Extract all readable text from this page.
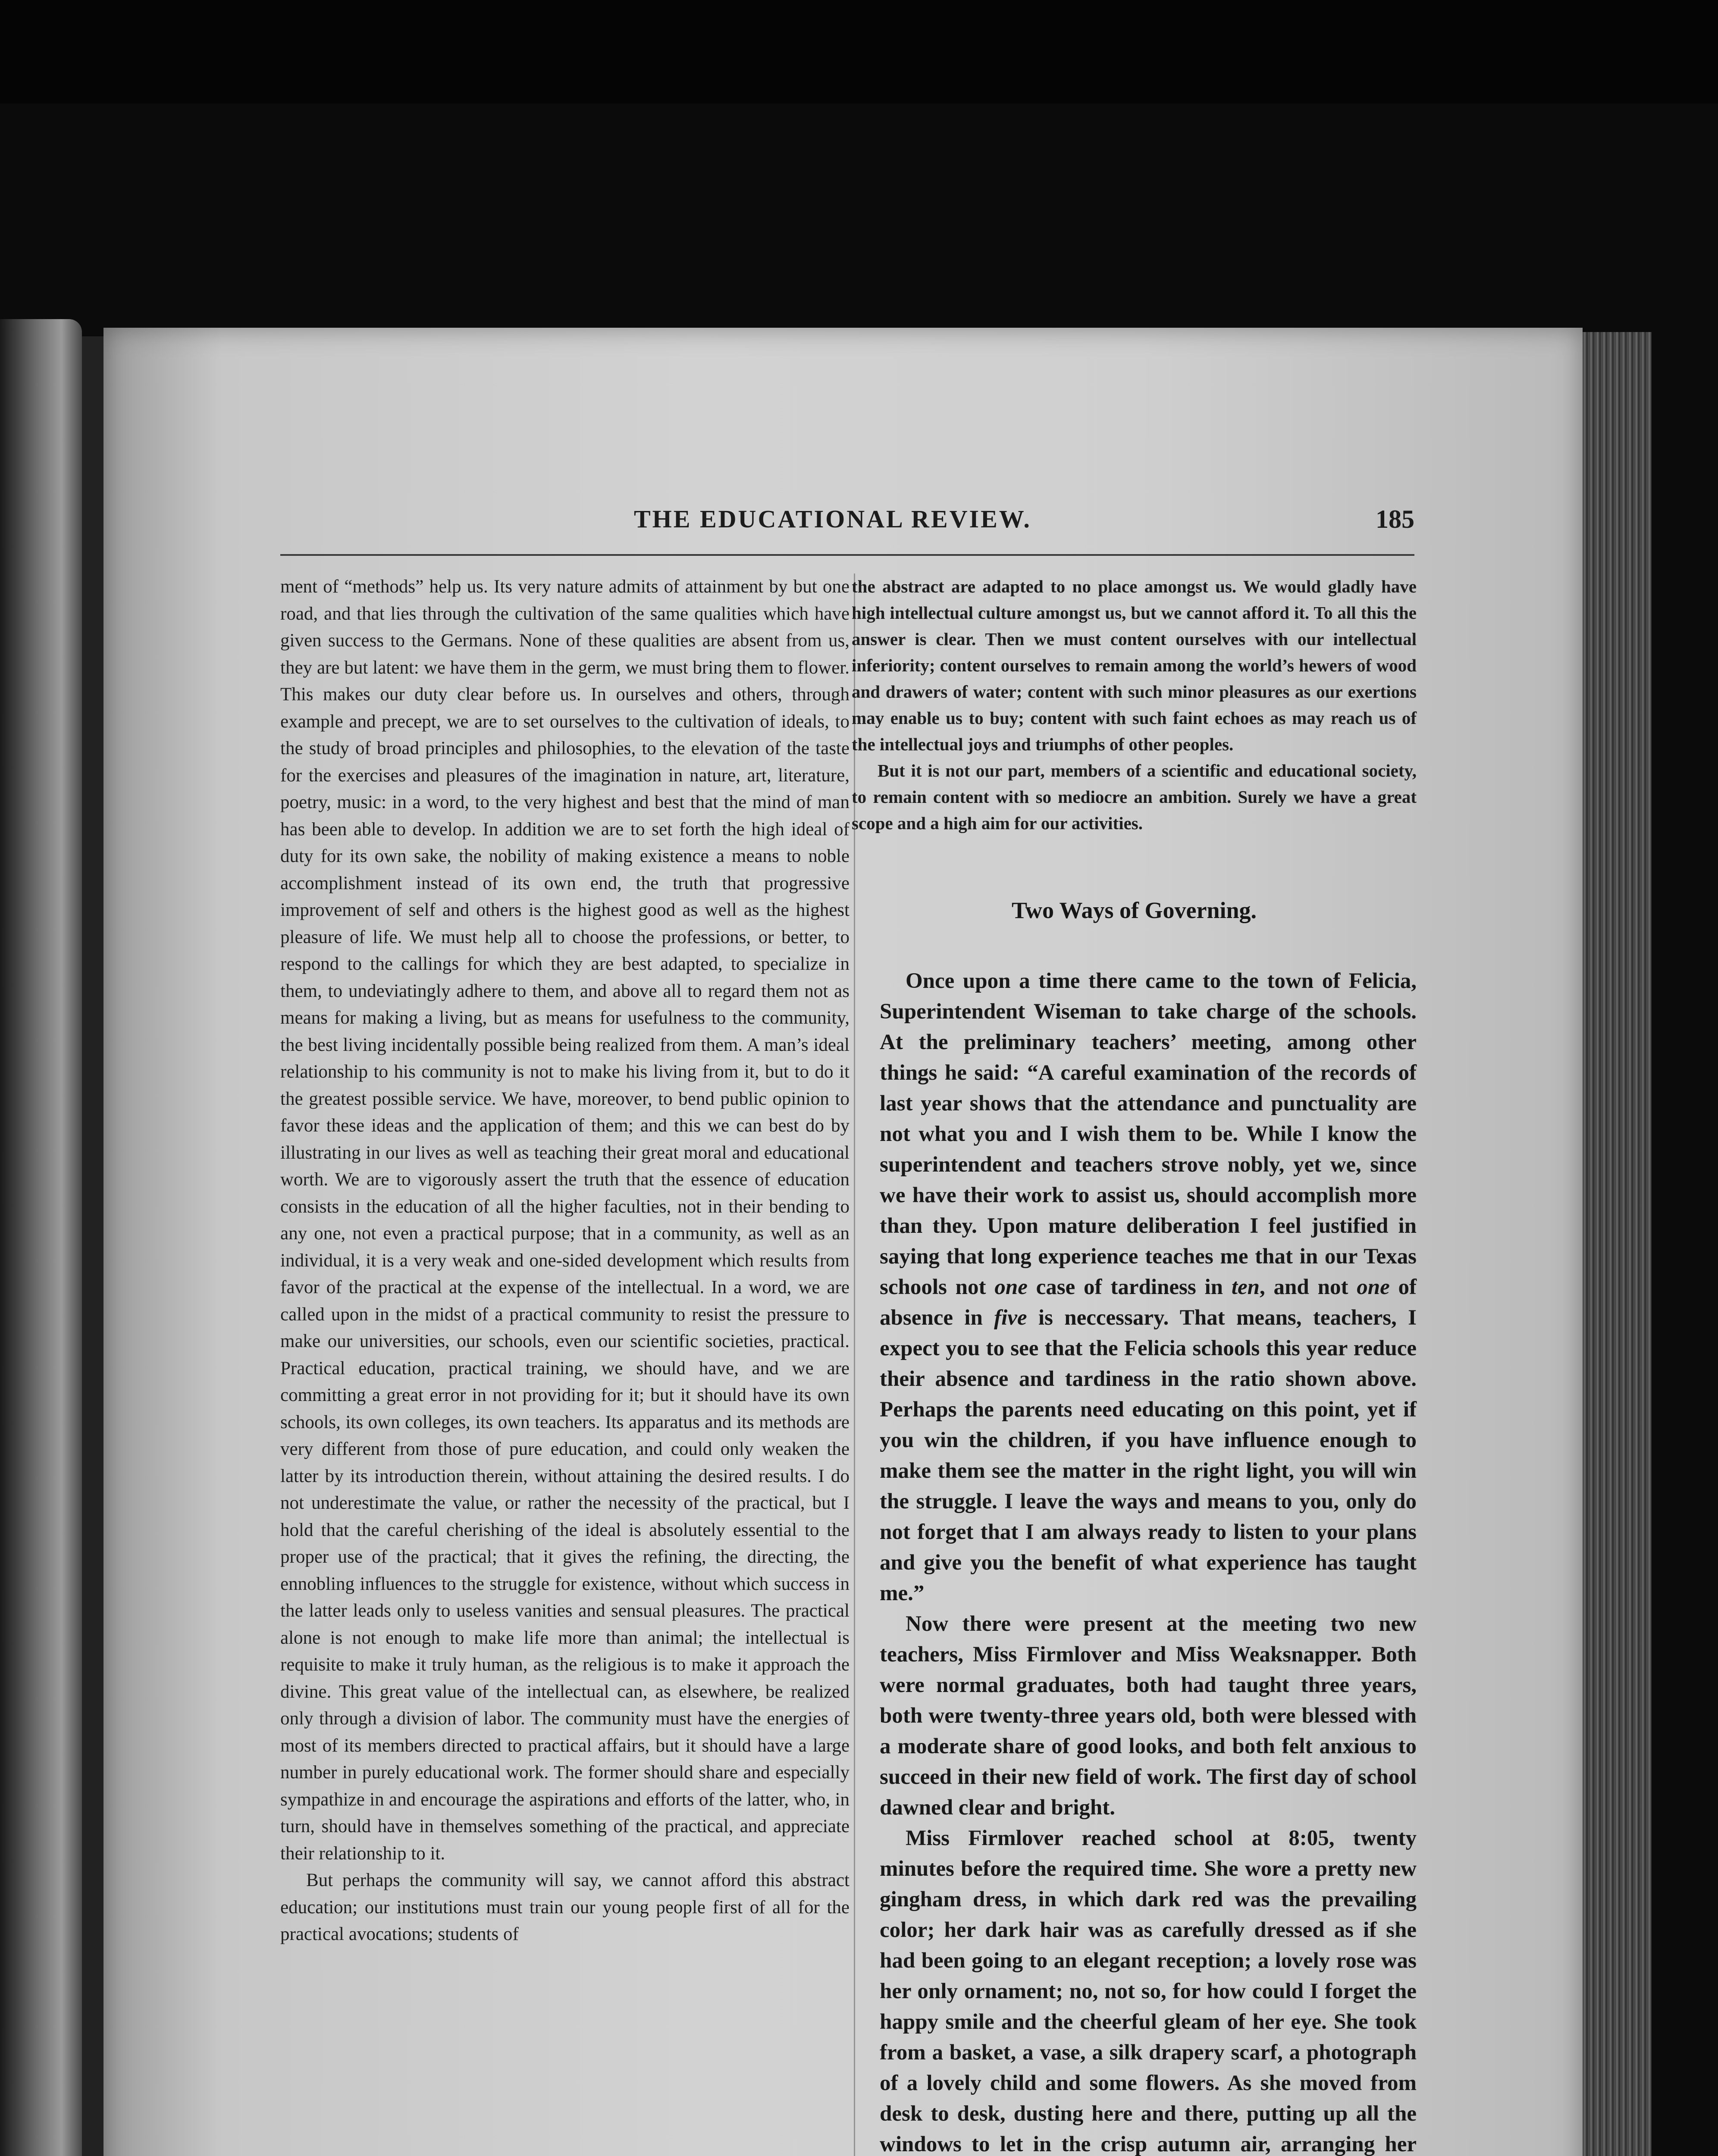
THE EDUCATIONAL REVIEW.	185

ment of “methods” help us. Its very nature admits of attainment by but one road, and that lies through the cultivation of the same qualities which have given success to the Germans. None of these qualities are absent from us, they are but latent: we have them in the germ, we must bring them to flower. This makes our duty clear before us. In ourselves and others, through example and precept, we are to set ourselves to the cultivation of ideals, to the study of broad principles and philosophies, to the elevation of the taste for the exercises and pleasures of the imagination in nature, art, literature, poetry, music: in a word, to the very highest and best that the mind of man has been able to develop. In addition we are to set forth the high ideal of duty for its own sake, the nobility of making existence a means to noble accomplishment instead of its own end, the truth that progressive improvement of self and others is the highest good as well as the highest pleasure of life. We must help all to choose the professions, or better, to respond to the callings for which they are best adapted, to specialize in them, to undeviatingly adhere to them, and above all to regard them not as means for making a living, but as means for usefulness to the community, the best living incidentally possible being realized from them. A man’s ideal relationship to his community is not to make his living from it, but to do it the greatest possible service. We have, moreover, to bend public opinion to favor these ideas and the application of them; and this we can best do by illustrating in our lives as well as teaching their great moral and educational worth. We are to vigorously assert the truth that the essence of education consists in the education of all the higher faculties, not in their bending to any one, not even a practical purpose; that in a community, as well as an individual, it is a very weak and one-sided development which results from favor of the practical at the expense of the intellectual. In a word, we are called upon in the midst of a practical community to resist the pressure to make our universities, our schools, even our scientific societies, practical. Practical education, practical training, we should have, and we are committing a great error in not providing for it; but it should have its own schools, its own colleges, its own teachers. Its apparatus and its methods are very different from those of pure education, and could only weaken the latter by its introduction therein, without attaining the desired results. I do not underestimate the value, or rather the necessity of the practical, but I hold that the careful cherishing of the ideal is absolutely essential to the proper use of the practical; that it gives the refining, the directing, the ennobling influences to the struggle for existence, without which success in the latter leads only to useless vanities and sensual pleasures. The practical alone is not enough to make life more than animal; the intellectual is requisite to make it truly human, as the religious is to make it approach the divine. This great value of the intellectual can, as elsewhere, be realized only through a division of labor. The community must have the energies of most of its members directed to practical affairs, but it should have a large number in purely educational work. The former should share and especially sympathize in and encourage the aspirations and efforts of the latter, who, in turn, should have in themselves something of the practical, and appreciate their relationship to it.

But perhaps the community will say, we cannot afford this abstract education; our institutions must train our young people first of all for the practical avocations; students of

the abstract are adapted to no place amongst us. We would gladly have high intellectual culture amongst us, but we cannot afford it. To all this the answer is clear. Then we must content ourselves with our intellectual inferiority; content ourselves to remain among the world’s hewers of wood and drawers of water; content with such minor pleasures as our exertions may enable us to buy; content with such faint echoes as may reach us of the intellectual joys and triumphs of other peoples.

But it is not our part, members of a scientific and educational society, to remain content with so mediocre an ambition. Surely we have a great scope and a high aim for our activities.

Two Ways of Governing.

Once upon a time there came to the town of Felicia, Superintendent Wiseman to take charge of the schools. At the preliminary teachers’ meeting, among other things he said: “A careful examination of the records of last year shows that the attendance and punctuality are not what you and I wish them to be. While I know the superintendent and teachers strove nobly, yet we, since we have their work to assist us, should accomplish more than they. Upon mature deliberation I feel justified in saying that long experience teaches me that in our Texas schools not one case of tardiness in ten, and not one of absence in five is neccessary. That means, teachers, I expect you to see that the Felicia schools this year reduce their absence and tardiness in the ratio shown above. Perhaps the parents need educating on this point, yet if you win the children, if you have influence enough to make them see the matter in the right light, you will win the struggle. I leave the ways and means to you, only do not forget that I am always ready to listen to your plans and give you the benefit of what experience has taught me.”

Now there were present at the meeting two new teachers, Miss Firmlover and Miss Weaksnapper. Both were normal graduates, both had taught three years, both were twenty-three years old, both were blessed with a moderate share of good looks, and both felt anxious to succeed in their new field of work. The first day of school dawned clear and bright.

Miss Firmlover reached school at 8:05, twenty minutes before the required time. She wore a pretty new gingham dress, in which dark red was the prevailing color; her dark hair was as carefully dressed as if she had been going to an elegant reception; a lovely rose was her only ornament; no, not so, for how could I forget the happy smile and the cheerful gleam of her eye. She took from a basket, a vase, a silk drapery scarf, a photograph of a lovely child and some flowers. As she moved from desk to desk, dusting here and there, putting up all the windows to let in the crisp autumn air, arranging her
